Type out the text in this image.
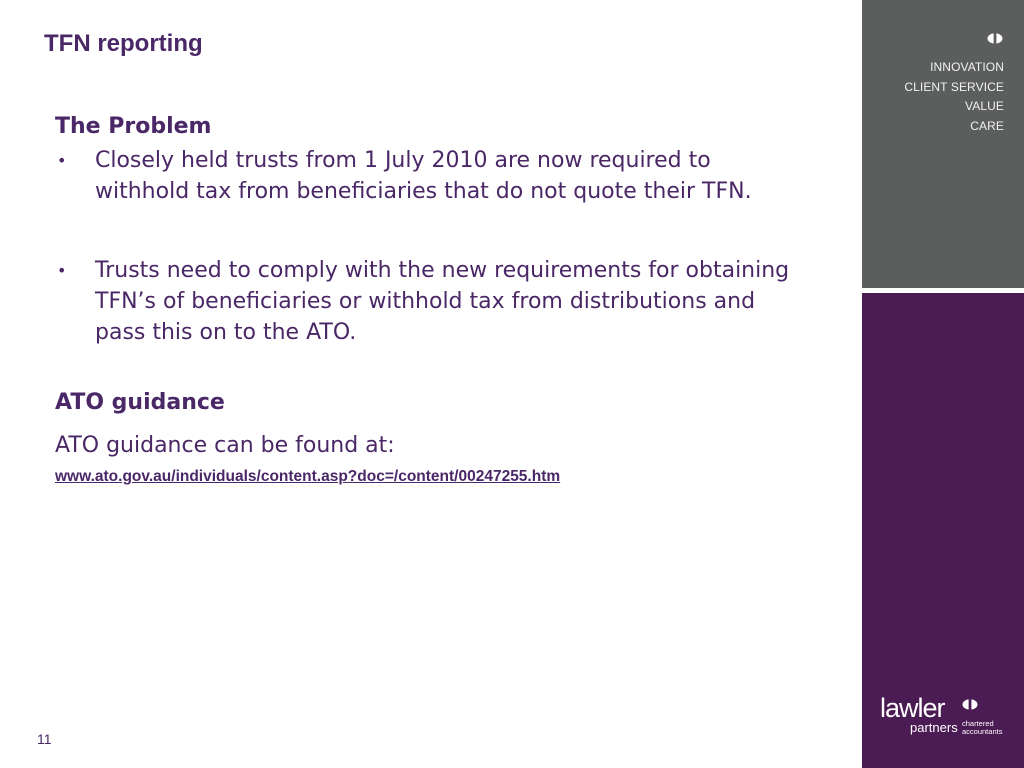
TFN reporting
The Problem
• Closely held trusts from 1 July 2010 are now required to withhold tax from beneficiaries that do not quote their TFN.
• Trusts need to comply with the new requirements for obtaining TFN’s of beneficiaries or withhold tax from distributions and pass this on to the ATO.
ATO guidance

ATO guidance can be found at:

www.ato.gov.au/individuals/content.asp?doc=/content/00247255.htm
11
INNOVATION
CLIENT SERVICE
VALUE
CARE
lawler
partners chartered
accountants
